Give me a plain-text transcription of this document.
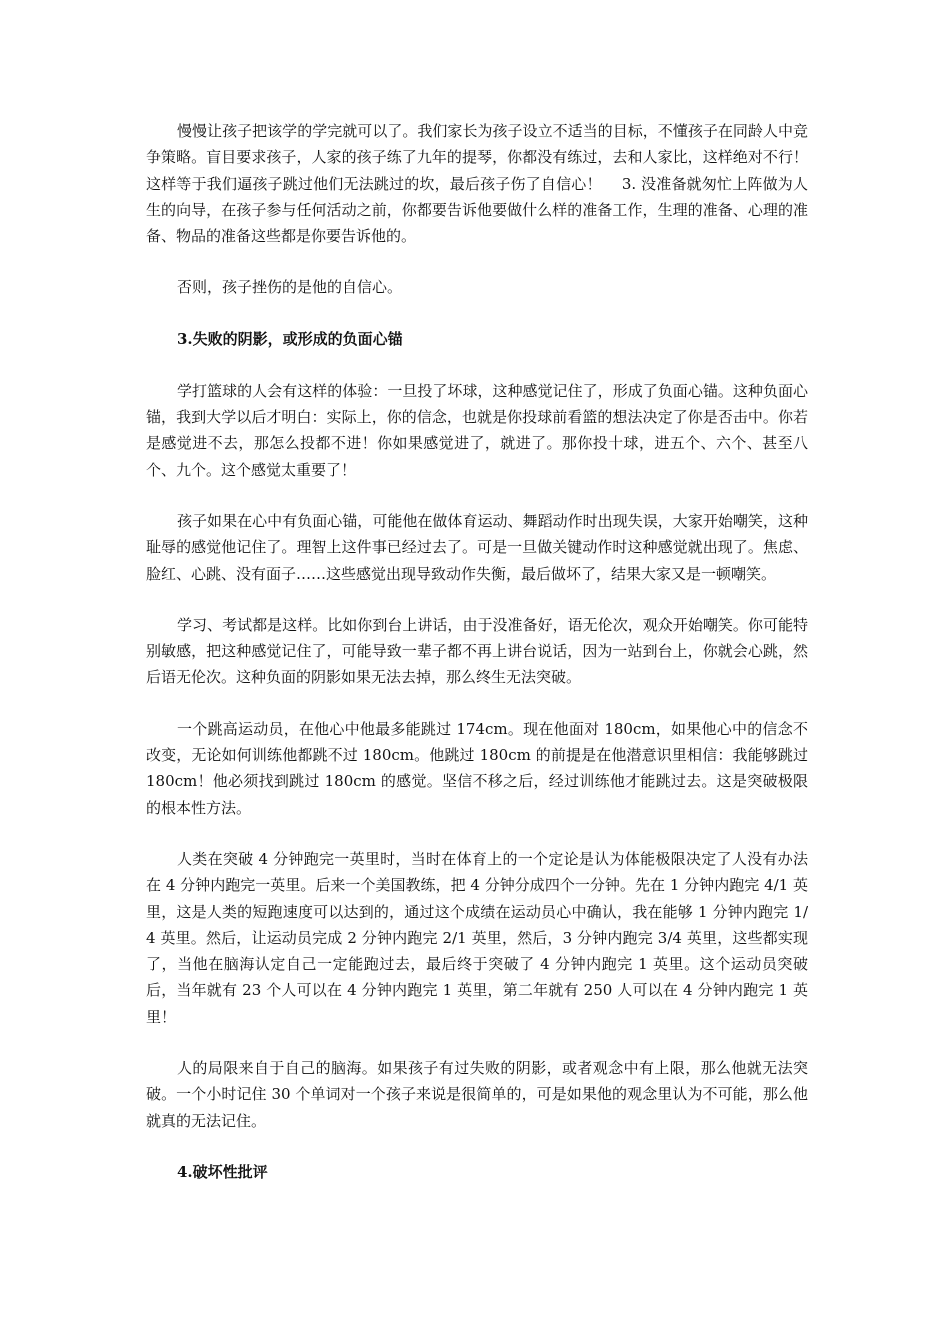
慢慢让孩子把该学的学完就可以了。我们家长为孩子设立不适当的目标，不懂孩子在同龄人中竞争策略。盲目要求孩子，人家的孩子练了九年的提琴，你都没有练过，去和人家比，这样绝对不行！这样等于我们逼孩子跳过他们无法跳过的坎，最后孩子伤了自信心！　 3. 没准备就匆忙上阵做为人生的向导，在孩子参与任何活动之前，你都要告诉他要做什么样的准备工作，生理的准备、心理的准备、物品的准备这些都是你要告诉他的。

否则，孩子挫伤的是他的自信心。

3.失败的阴影，或形成的负面心锚

学打篮球的人会有这样的体验：一旦投了坏球，这种感觉记住了，形成了负面心锚。这种负面心锚，我到大学以后才明白：实际上，你的信念，也就是你投球前看篮的想法决定了你是否击中。你若是感觉进不去，那怎么投都不进！你如果感觉进了，就进了。那你投十球，进五个、六个、甚至八个、九个。这个感觉太重要了！

孩子如果在心中有负面心锚，可能他在做体育运动、舞蹈动作时出现失误，大家开始嘲笑，这种耻辱的感觉他记住了。理智上这件事已经过去了。可是一旦做关键动作时这种感觉就出现了。焦虑、脸红、心跳、没有面子……这些感觉出现导致动作失衡，最后做坏了，结果大家又是一顿嘲笑。

学习、考试都是这样。比如你到台上讲话，由于没准备好，语无伦次，观众开始嘲笑。你可能特别敏感，把这种感觉记住了，可能导致一辈子都不再上讲台说话，因为一站到台上，你就会心跳，然后语无伦次。这种负面的阴影如果无法去掉，那么终生无法突破。

一个跳高运动员，在他心中他最多能跳过 174cm。现在他面对 180cm，如果他心中的信念不改变，无论如何训练他都跳不过 180cm。他跳过 180cm 的前提是在他潜意识里相信：我能够跳过 180cm！他必须找到跳过 180cm 的感觉。坚信不移之后，经过训练他才能跳过去。这是突破极限的根本性方法。

人类在突破 4 分钟跑完一英里时，当时在体育上的一个定论是认为体能极限决定了人没有办法在 4 分钟内跑完一英里。后来一个美国教练，把 4 分钟分成四个一分钟。先在 1 分钟内跑完 4/1 英里，这是人类的短跑速度可以达到的，通过这个成绩在运动员心中确认，我在能够 1 分钟内跑完 1/4 英里。然后，让运动员完成 2 分钟内跑完 2/1 英里，然后，3 分钟内跑完 3/4 英里，这些都实现了，当他在脑海认定自己一定能跑过去，最后终于突破了 4 分钟内跑完 1 英里。这个运动员突破后，当年就有 23 个人可以在 4 分钟内跑完 1 英里，第二年就有 250 人可以在 4 分钟内跑完 1 英里！

人的局限来自于自己的脑海。如果孩子有过失败的阴影，或者观念中有上限，那么他就无法突破。一个小时记住 30 个单词对一个孩子来说是很简单的，可是如果他的观念里认为不可能，那么他就真的无法记住。

4.破坏性批评
